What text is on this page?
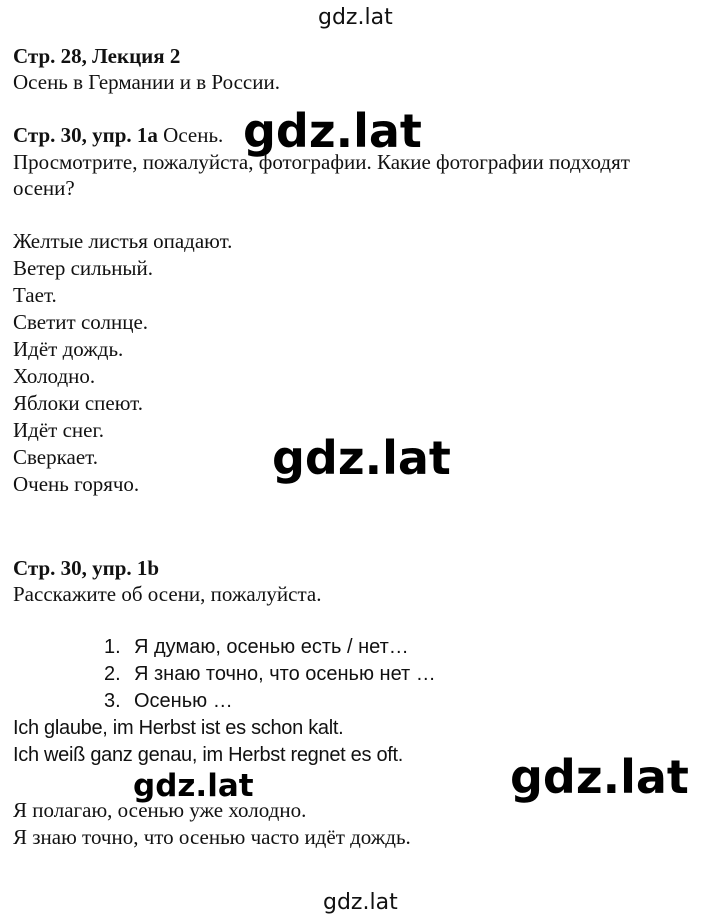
gdz.lat
Стр. 28, Лекция 2
Осень в Германии и в России.
Стр. 30, упр. 1а Осень. gdz.lat
Просмотрите, пожалуйста, фотографии. Какие фотографии подходят
осени?
Желтые листья опадают.
Ветер сильный.
Тает.
Светит солнце.
Идёт дождь.
Холодно.
Яблоки спеют.
Идёт снег.
Сверкает.
Очень горячо.	gdz.lat
Стр. 30, упр. 1b
Расскажите об осени, пожалуйста.
1. Я думаю, осенью есть / нет…
2. Я знаю точно, что осенью нет …
3. Осенью …
Ich glaube, im Herbst ist es schon kalt.
Ich weiß ganz genau, im Herbst regnet es oft.
gdz.lat	gdz.lat
Я полагаю, осенью уже холодно.
Я знаю точно, что осенью часто идёт дождь.
gdz.lat
